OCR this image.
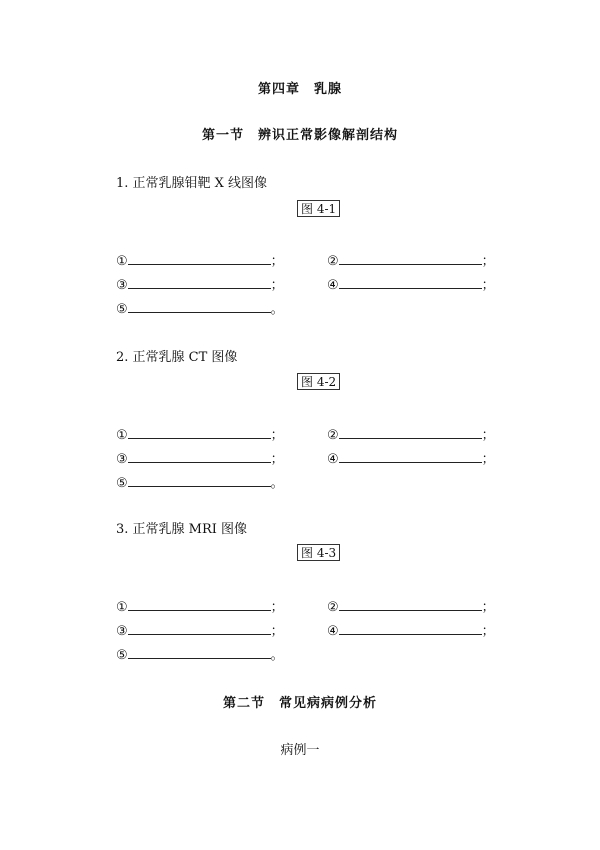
第四章　乳腺
第一节　辨识正常影像解剖结构
1. 正常乳腺钼靶 X 线图像
图 4-1
①	；	②	；
③	；	④	；
⑤	。
2. 正常乳腺 CT 图像
图 4-2
①	；	②	；
③	；	④	；
⑤	。
3. 正常乳腺 MRI 图像
图 4-3
①	；	②	；
③	；	④	；
⑤	。
第二节　常见病病例分析
病例一
